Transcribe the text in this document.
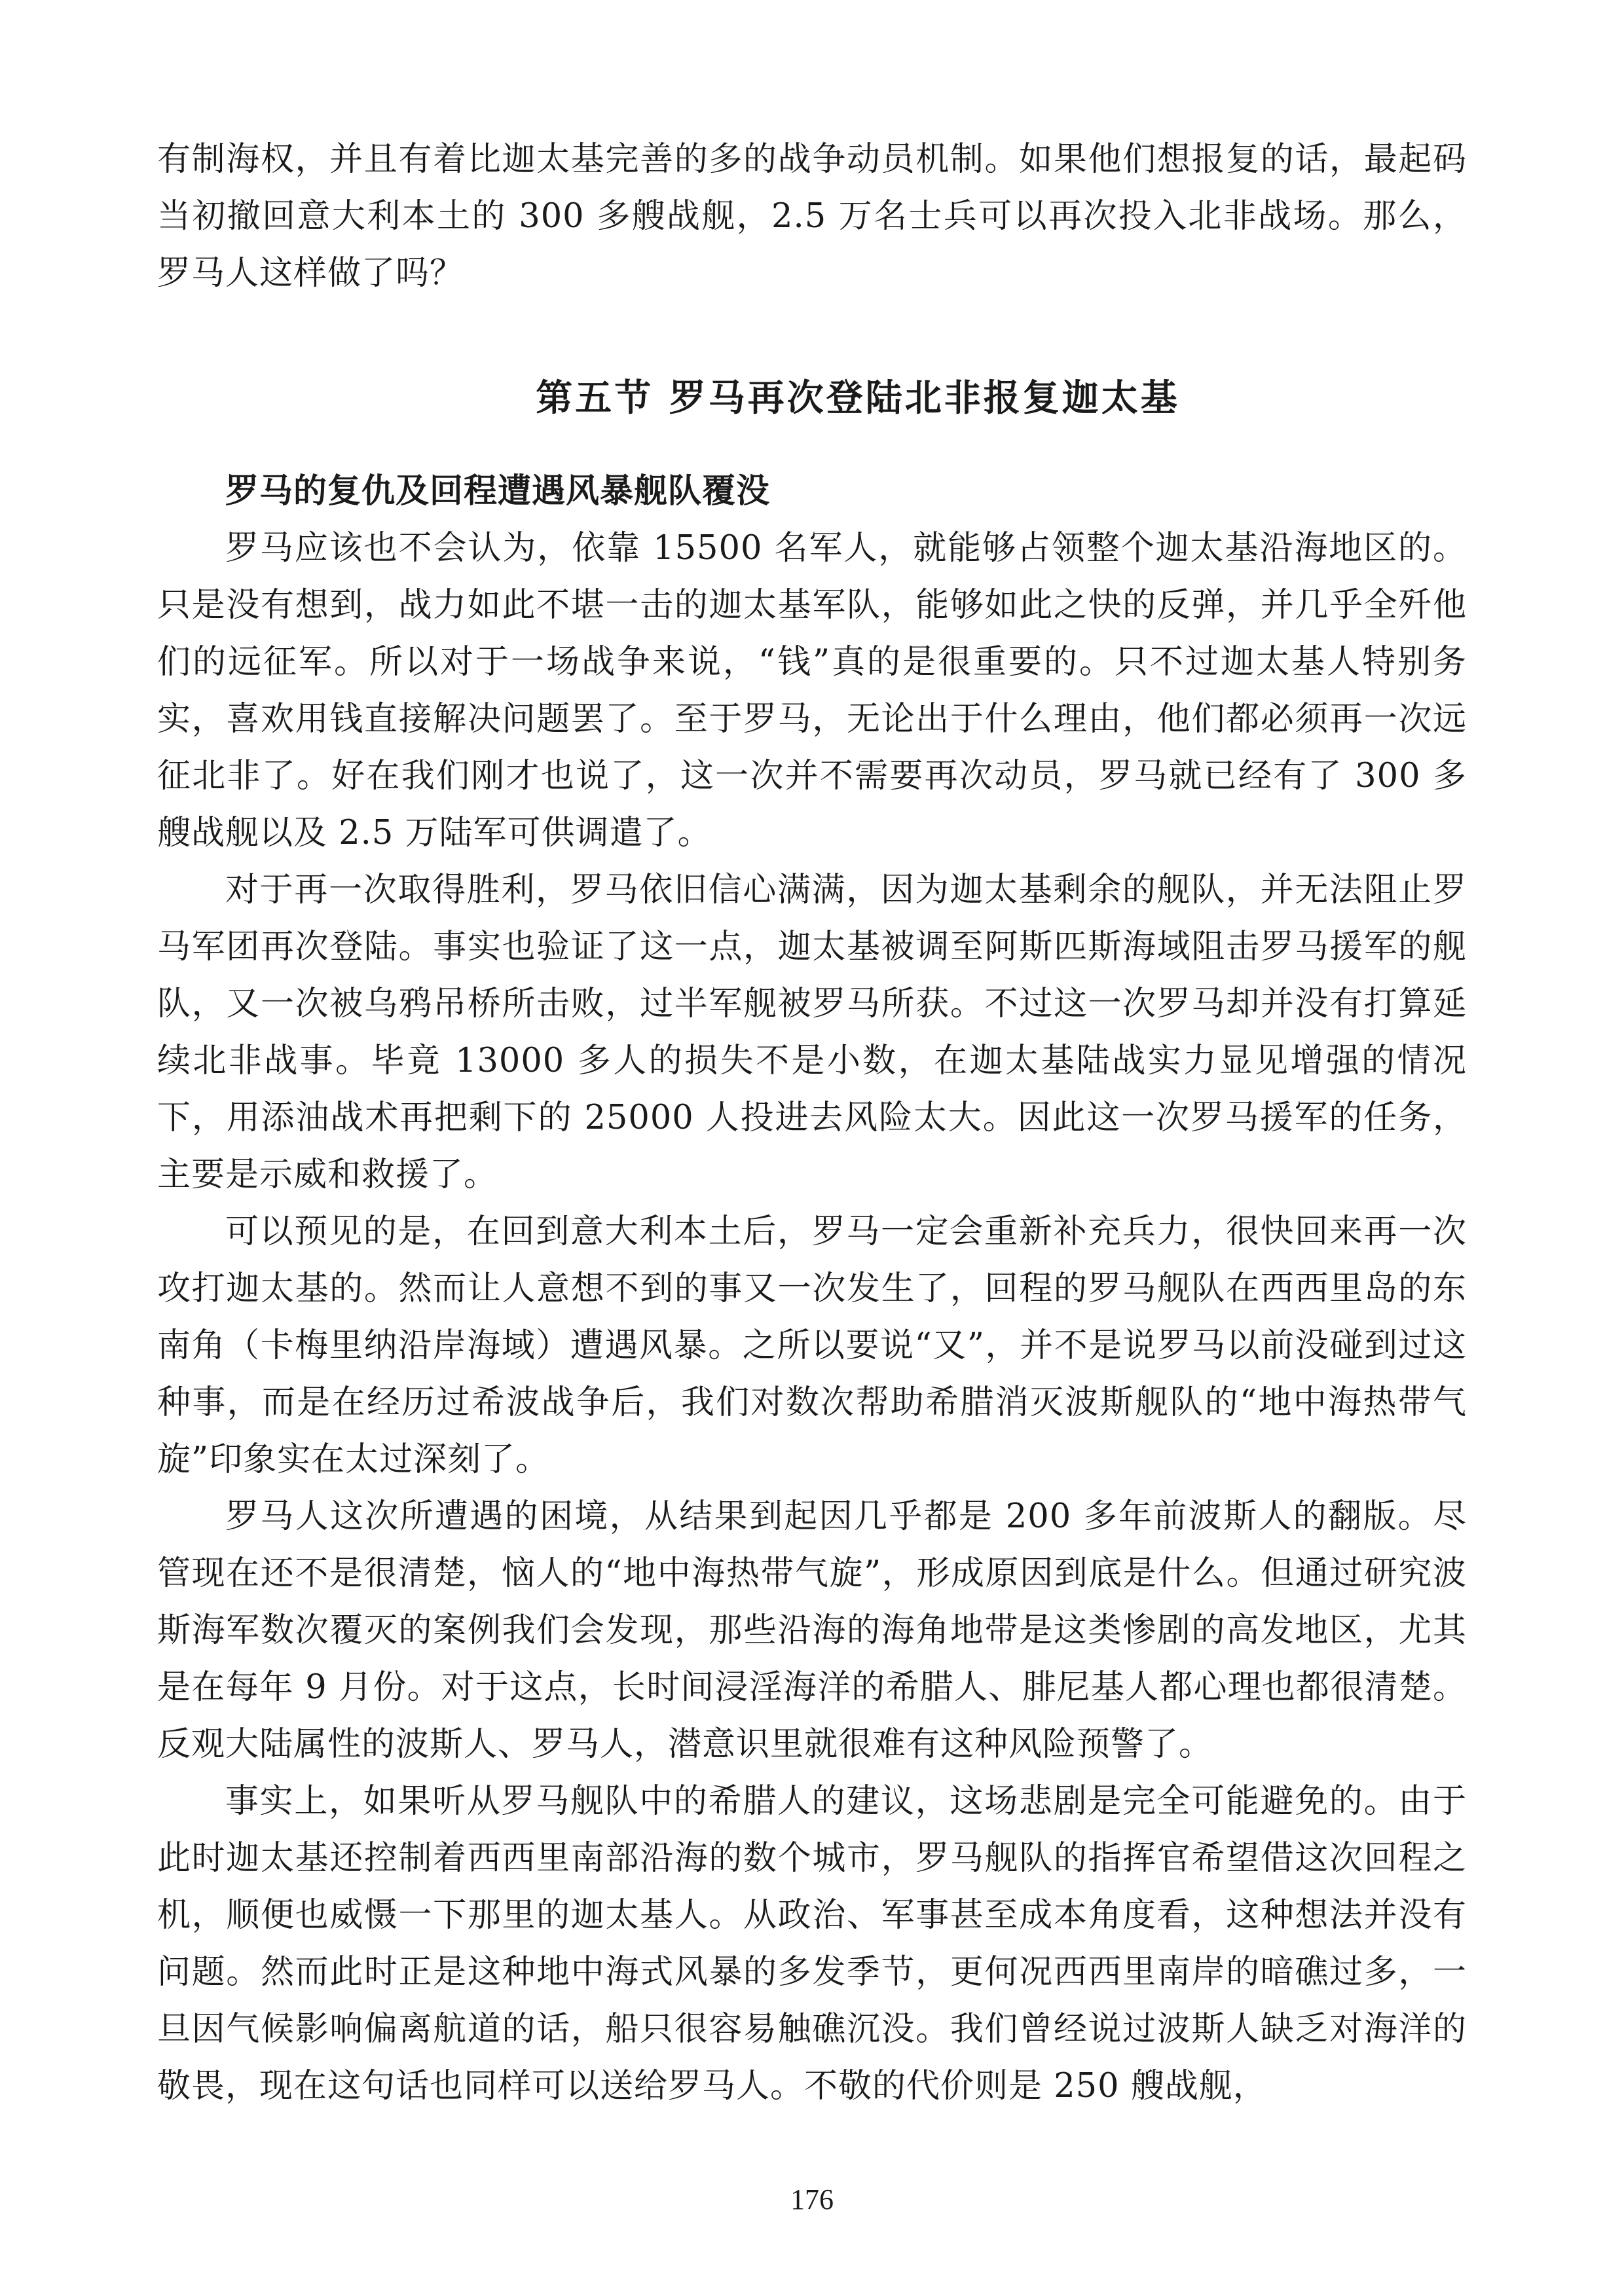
有制海权，并且有着比迦太基完善的多的战争动员机制。如果他们想报复的话，最起码当初撤回意大利本土的 300 多艘战舰，2.5 万名士兵可以再次投入北非战场。那么，罗马人这样做了吗？

第五节 罗马再次登陆北非报复迦太基
罗马的复仇及回程遭遇风暴舰队覆没

罗马应该也不会认为，依靠 15500 名军人，就能够占领整个迦太基沿海地区的。只是没有想到，战力如此不堪一击的迦太基军队，能够如此之快的反弹，并几乎全歼他们的远征军。所以对于一场战争来说，“钱”真的是很重要的。只不过迦太基人特别务实，喜欢用钱直接解决问题罢了。至于罗马，无论出于什么理由，他们都必须再一次远征北非了。好在我们刚才也说了，这一次并不需要再次动员，罗马就已经有了 300 多艘战舰以及 2.5 万陆军可供调遣了。

对于再一次取得胜利，罗马依旧信心满满，因为迦太基剩余的舰队，并无法阻止罗马军团再次登陆。事实也验证了这一点，迦太基被调至阿斯匹斯海域阻击罗马援军的舰队，又一次被乌鸦吊桥所击败，过半军舰被罗马所获。不过这一次罗马却并没有打算延续北非战事。毕竟 13000 多人的损失不是小数，在迦太基陆战实力显见增强的情况下，用添油战术再把剩下的 25000 人投进去风险太大。因此这一次罗马援军的任务，主要是示威和救援了。

可以预见的是，在回到意大利本土后，罗马一定会重新补充兵力，很快回来再一次攻打迦太基的。然而让人意想不到的事又一次发生了，回程的罗马舰队在西西里岛的东南角（卡梅里纳沿岸海域）遭遇风暴。之所以要说“又”，并不是说罗马以前没碰到过这种事，而是在经历过希波战争后，我们对数次帮助希腊消灭波斯舰队的“地中海热带气旋”印象实在太过深刻了。

罗马人这次所遭遇的困境，从结果到起因几乎都是 200 多年前波斯人的翻版。尽管现在还不是很清楚，恼人的“地中海热带气旋”，形成原因到底是什么。但通过研究波斯海军数次覆灭的案例我们会发现，那些沿海的海角地带是这类惨剧的高发地区，尤其是在每年 9 月份。对于这点，长时间浸淫海洋的希腊人、腓尼基人都心理也都很清楚。反观大陆属性的波斯人、罗马人，潜意识里就很难有这种风险预警了。

事实上，如果听从罗马舰队中的希腊人的建议，这场悲剧是完全可能避免的。由于此时迦太基还控制着西西里南部沿海的数个城市，罗马舰队的指挥官希望借这次回程之机，顺便也威慑一下那里的迦太基人。从政治、军事甚至成本角度看，这种想法并没有问题。然而此时正是这种地中海式风暴的多发季节，更何况西西里南岸的暗礁过多，一旦因气候影响偏离航道的话，船只很容易触礁沉没。我们曾经说过波斯人缺乏对海洋的敬畏，现在这句话也同样可以送给罗马人。不敬的代价则是 250 艘战舰，

176
